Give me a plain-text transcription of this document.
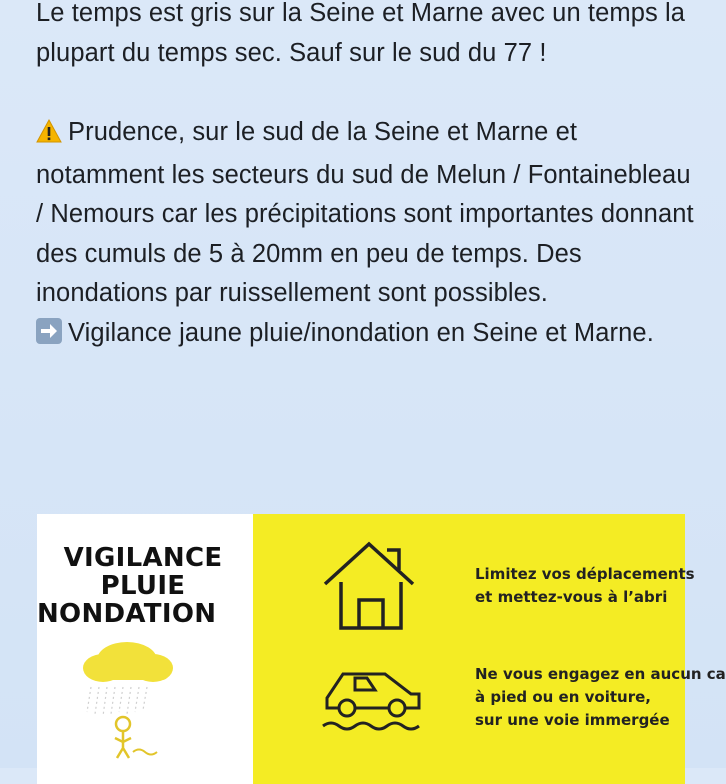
Le temps est gris sur la Seine et Marne avec un temps la plupart du temps sec. Sauf sur le sud du 77 !

Prudence, sur le sud de la Seine et Marne et notamment les secteurs du sud de Melun / Fontainebleau / Nemours car les précipitations sont importantes donnant des cumuls de 5 à 20mm en peu de temps. Des inondations par ruissellement sont possibles.

Vigilance jaune pluie/inondation en Seine et Marne.

VIGILANCE
PLUIE
NONDATION
Limitez vos déplacements
et mettez-vous à l’abri
Ne vous engagez en aucun ca
à pied ou en voiture,
sur une voie immergée
